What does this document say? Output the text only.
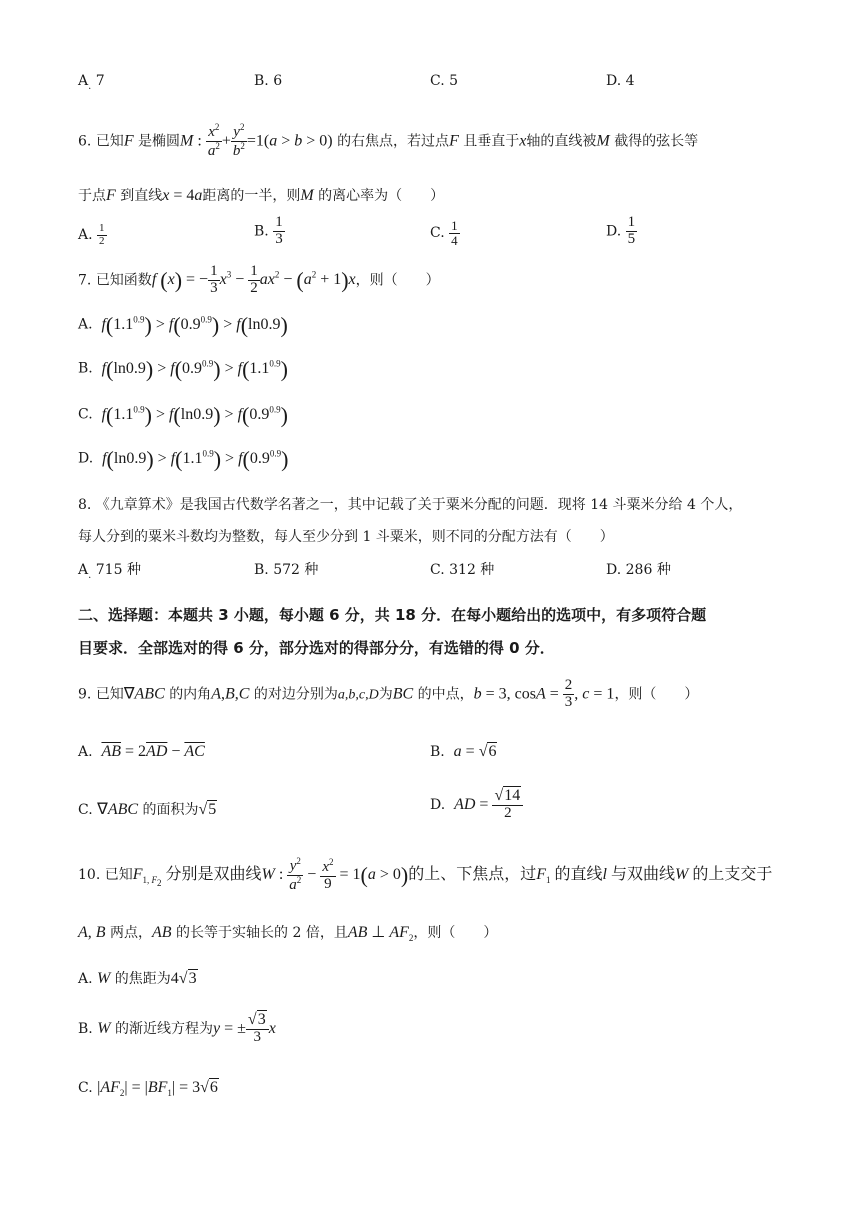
$A_.$ 7	B. 6	C. 5	D. 4
6. 已知F 是椭圆M : $\frac{x^2}{a^2} + \frac{y^2}{b^2} =1(a > b > 0)$ 的右焦点，若过点F 且垂直于x轴的直线被M 截得的弦长等
于点F 到直线x = 4a距离的一半，则M 的离心率为（　　）
A. $\frac{1}{2}$	B. $\frac{1}{3}$	C. $\frac{1}{4}$	D. $\frac{1}{5}$
7. 已知函数f (x) = − $\frac{1}{3} x^3 - \frac{1}{2} ax^2 - (a^2 + 1)x$，则（　　）
A. $f(1.1^{0.9}) > f(0.9^{0.9}) > f(\ln 0.9)$
B. $f(\ln 0.9) > f(0.9^{0.9}) > f(1.1^{0.9})$
C. $f(1.1^{0.9}) > f(\ln 0.9) > f(0.9^{0.9})$
D. $f(\ln 0.9) > f(1.1^{0.9}) > f(0.9^{0.9})$
8. 《九章算术》是我国古代数学名著之一，其中记载了关于粟米分配的问题．现将 14 斗粟米分给 4 个人，
每人分到的粟米斗数均为整数，每人至少分到 1 斗粟米，则不同的分配方法有（　　）
$A_.$ 715 种	B. 572 种	C. 312 种	D. 286 种
二、选择题：本题共 3 小题，每小题 6 分，共 18 分．在每小题给出的选项中，有多项符合题
目要求．全部选对的得 6 分，部分选对的得部分分，有选错的得 0 分．
9. 已知∇ABC 的内角A,B,C 的对边分别为a,b,c,D为BC 的中点，b = 3, $\cos A = \frac{2}{3}$ , c = 1，则（　　）
A. $\overline{AB} = 2\overline{AD} - \overline{AC}$	B. a = √6
C. ∇ABC 的面积为√5	D. AD = $\frac{√14}{2}$
10. 已知$F_{1, F2}$ 分别是双曲线W : $\frac{y^2}{a^2} - \frac{x^2}{9} = 1(a > 0)$的上、下焦点，过$F_1$ 的直线l 与双曲线W 的上支交于
A, B 两点，AB 的长等于实轴长的 2 倍，且AB ⊥ $AF_2$，则（　　）
A. W 的焦距为4√3
B. W 的渐近线方程为y = ± $\frac{√3}{3}$ x
C. $|AF_2| = |BF_1| = 3√6$
